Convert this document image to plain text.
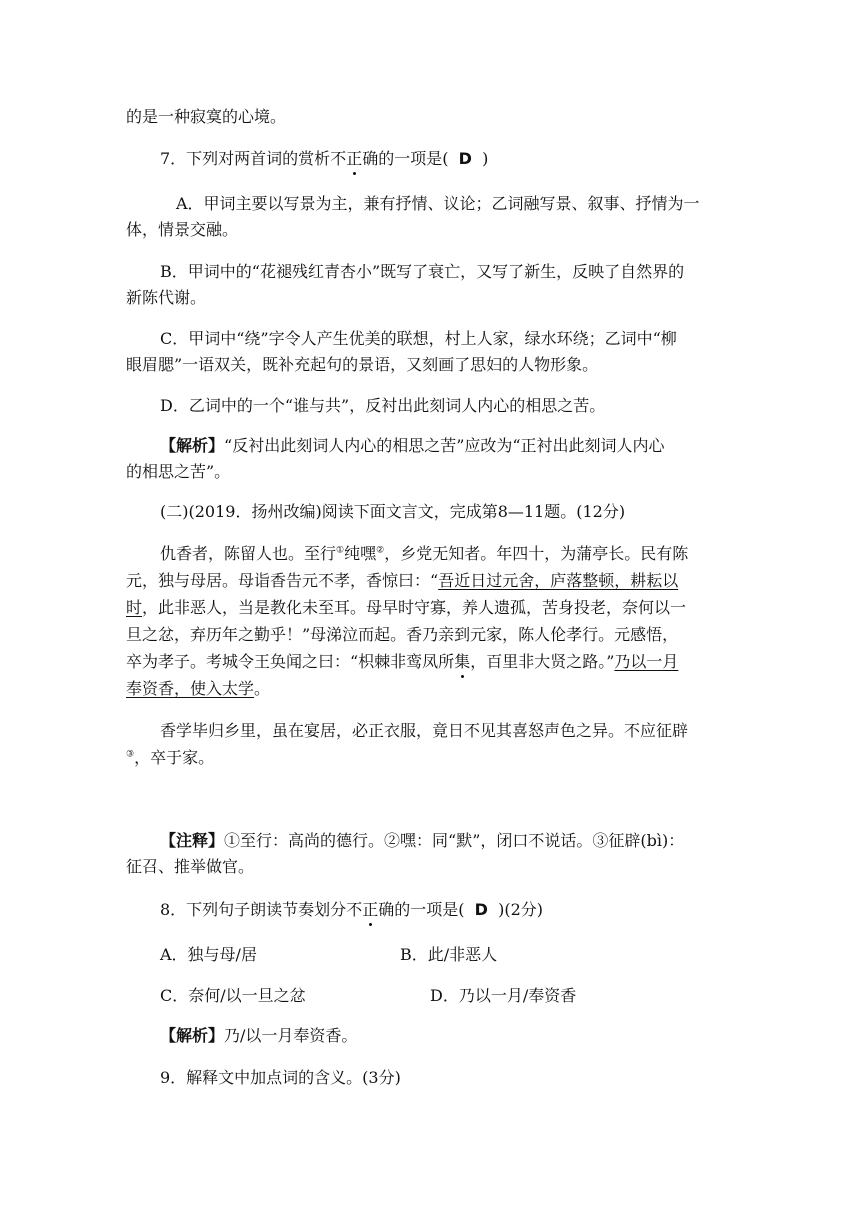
的是一种寂寞的心境。
7．下列对两首词的赏析不正确的一项是( D )
A．甲词主要以写景为主，兼有抒情、议论；乙词融写景、叙事、抒情为一
体，情景交融。
B．甲词中的“花褪残红青杏小”既写了衰亡，又写了新生，反映了自然界的
新陈代谢。
C．甲词中“绕”字令人产生优美的联想，村上人家，绿水环绕；乙词中“柳
眼眉腮”一语双关，既补充起句的景语，又刻画了思妇的人物形象。
D．乙词中的一个“谁与共”，反衬出此刻词人内心的相思之苦。
【解析】“反衬出此刻词人内心的相思之苦”应改为“正衬出此刻词人内心
的相思之苦”。
(二)(2019．扬州改编)阅读下面文言文，完成第8—11题。(12分)
仇香者，陈留人也。至行①纯嘿②，乡党无知者。年四十，为蒲亭长。民有陈
元，独与母居。母诣香告元不孝，香惊曰：“吾近日过元舍，庐落整顿，耕耘以
时，此非恶人，当是教化未至耳。母早时守寡，养人遗孤，苦身投老，奈何以一
旦之忿，弃历年之勤乎！”母涕泣而起。香乃亲到元家，陈人伦孝行。元感悟，
卒为孝子。考城令王奂闻之曰：“枳棘非鸾凤所集，百里非大贤之路。”乃以一月
奉资香，使入太学。
香学毕归乡里，虽在宴居，必正衣服，竟日不见其喜怒声色之异。不应征辟
③，卒于家。
【注释】①至行：高尚的德行。②嘿：同“默”，闭口不说话。③征辟(bì)：
征召、推举做官。
8．下列句子朗读节奏划分不正确的一项是( D )(2分)
A．独与母/居	B．此/非恶人
C．奈何/以一旦之忿	D．乃以一月/奉资香
【解析】乃/以一月奉资香。
9．解释文中加点词的含义。(3分)
